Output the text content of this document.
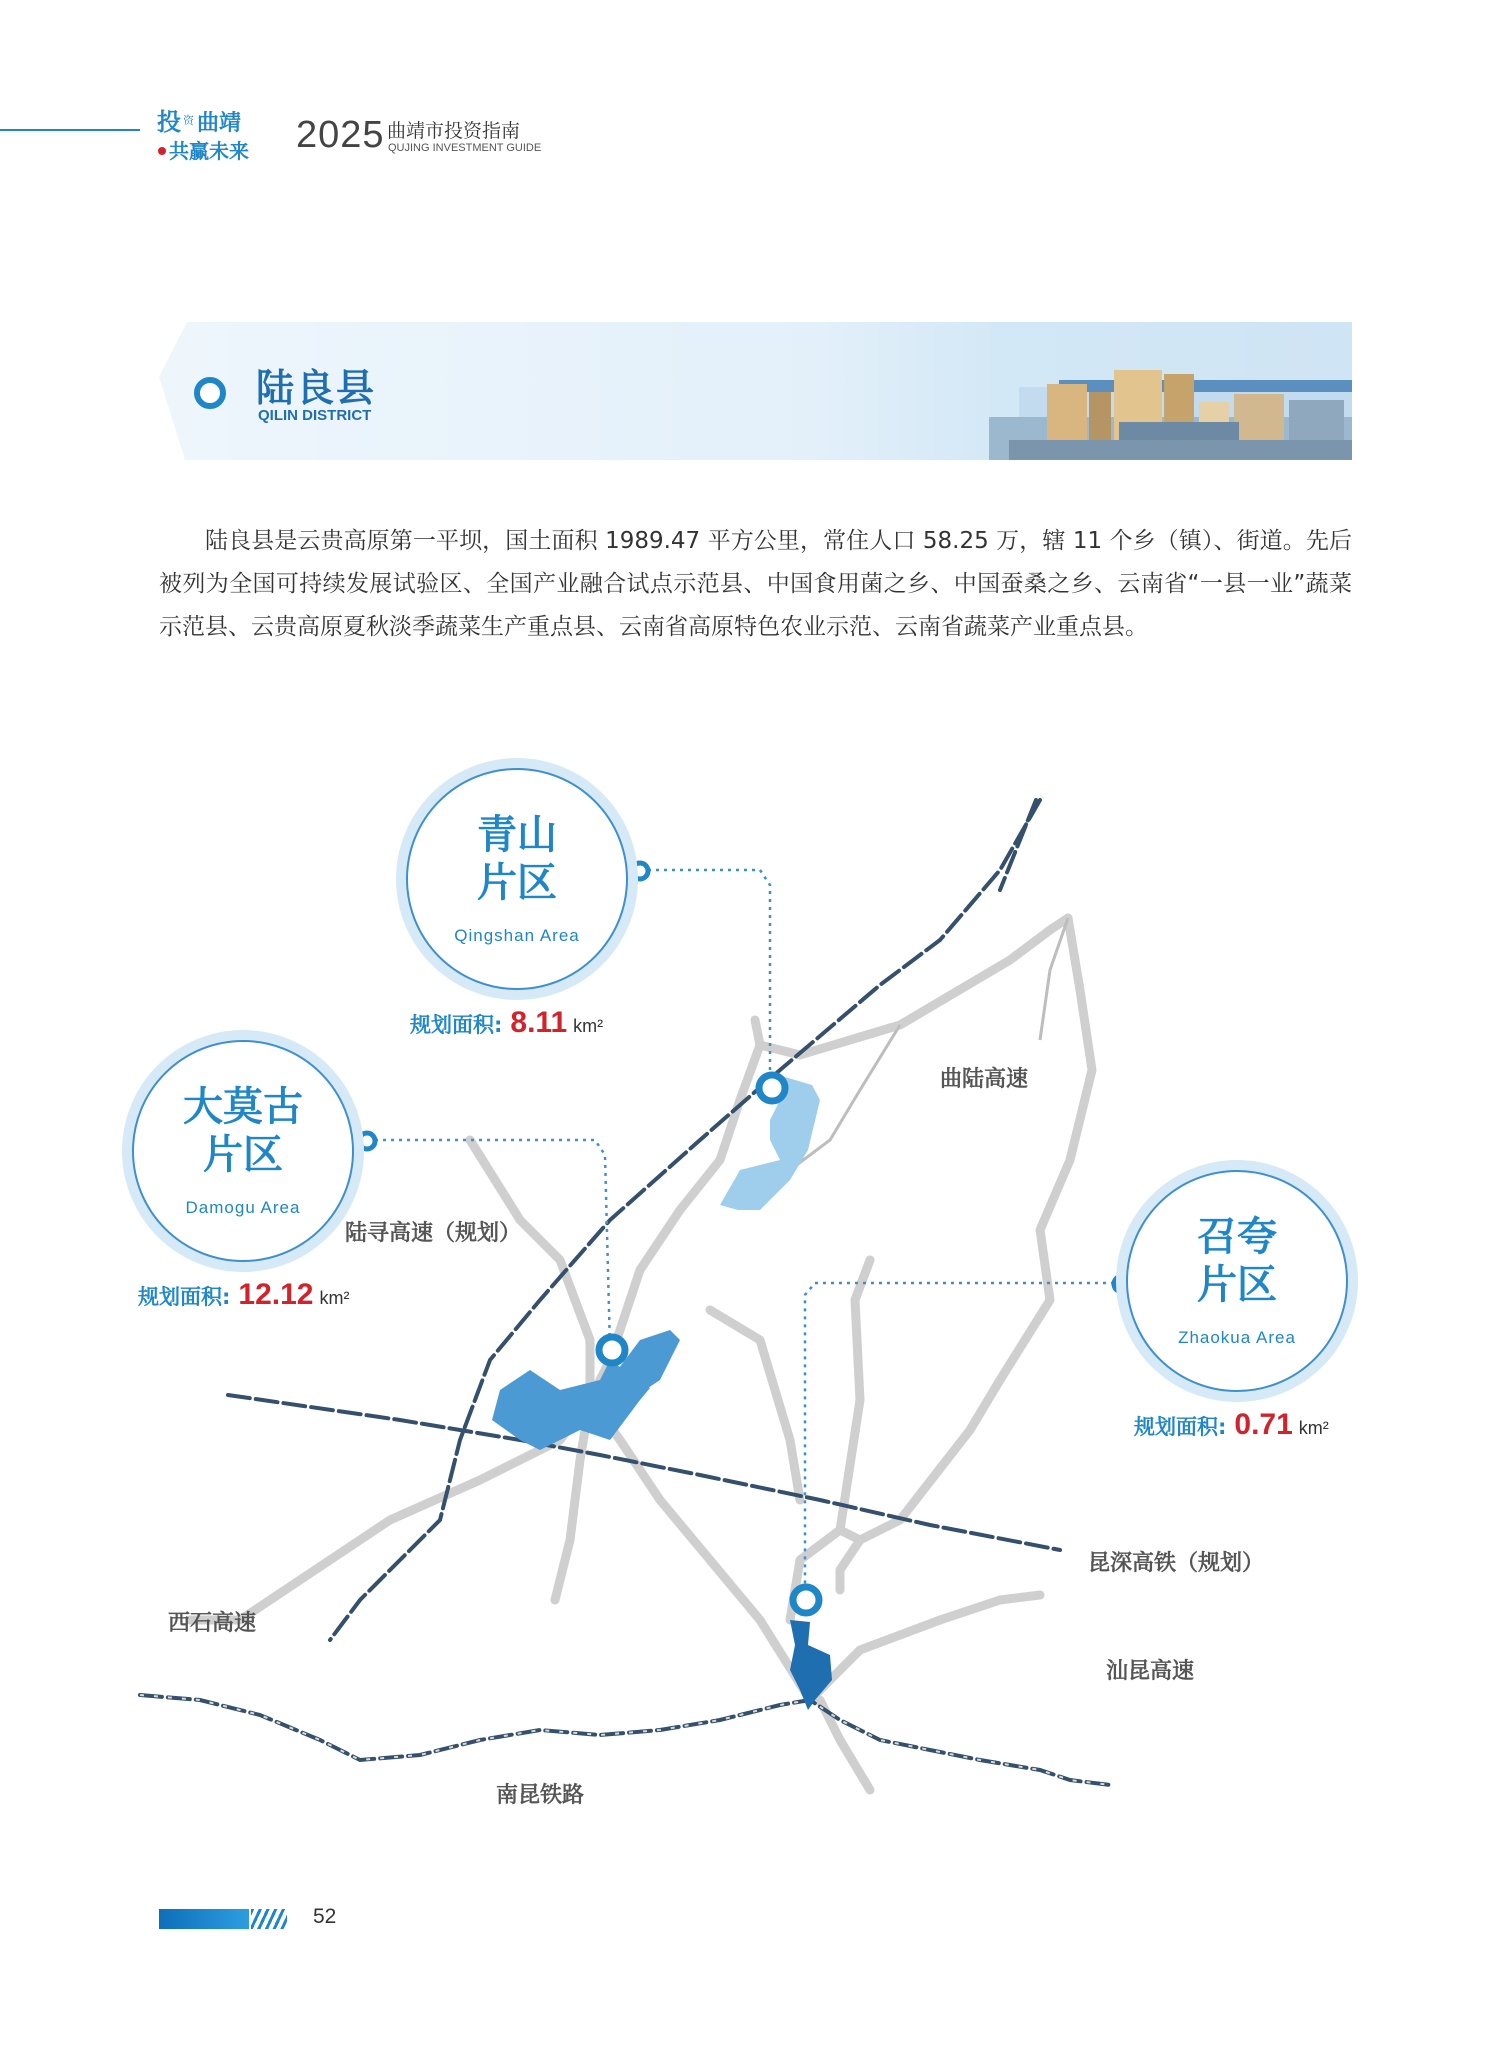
投 资 曲靖
共赢未来 2025 曲靖市投资指南
QUJING INVESTMENT GUIDE
陆良县
QILIN DISTRICT
陆良县是云贵高原第一平坝，国土面积 1989.47 平方公里，常住人口 58.25 万，辖 11 个乡（镇）、街道。先后被列为全国可持续发展试验区、全国产业融合试点示范县、中国食用菌之乡、中国蚕桑之乡、云南省“一县一业”蔬菜示范县、云贵高原夏秋淡季蔬菜生产重点县、云南省高原特色农业示范、云南省蔬菜产业重点县。
青山
片区
Qingshan Area
规划面积: 8.11 km²
大莫古
片区
Damogu Area
规划面积: 12.12 km²
召夸
片区
Zhaokua Area
规划面积: 0.71 km²
曲陆高速
陆寻高速（规划）
昆深高铁（规划）
西石高速
汕昆高速
南昆铁路
52
